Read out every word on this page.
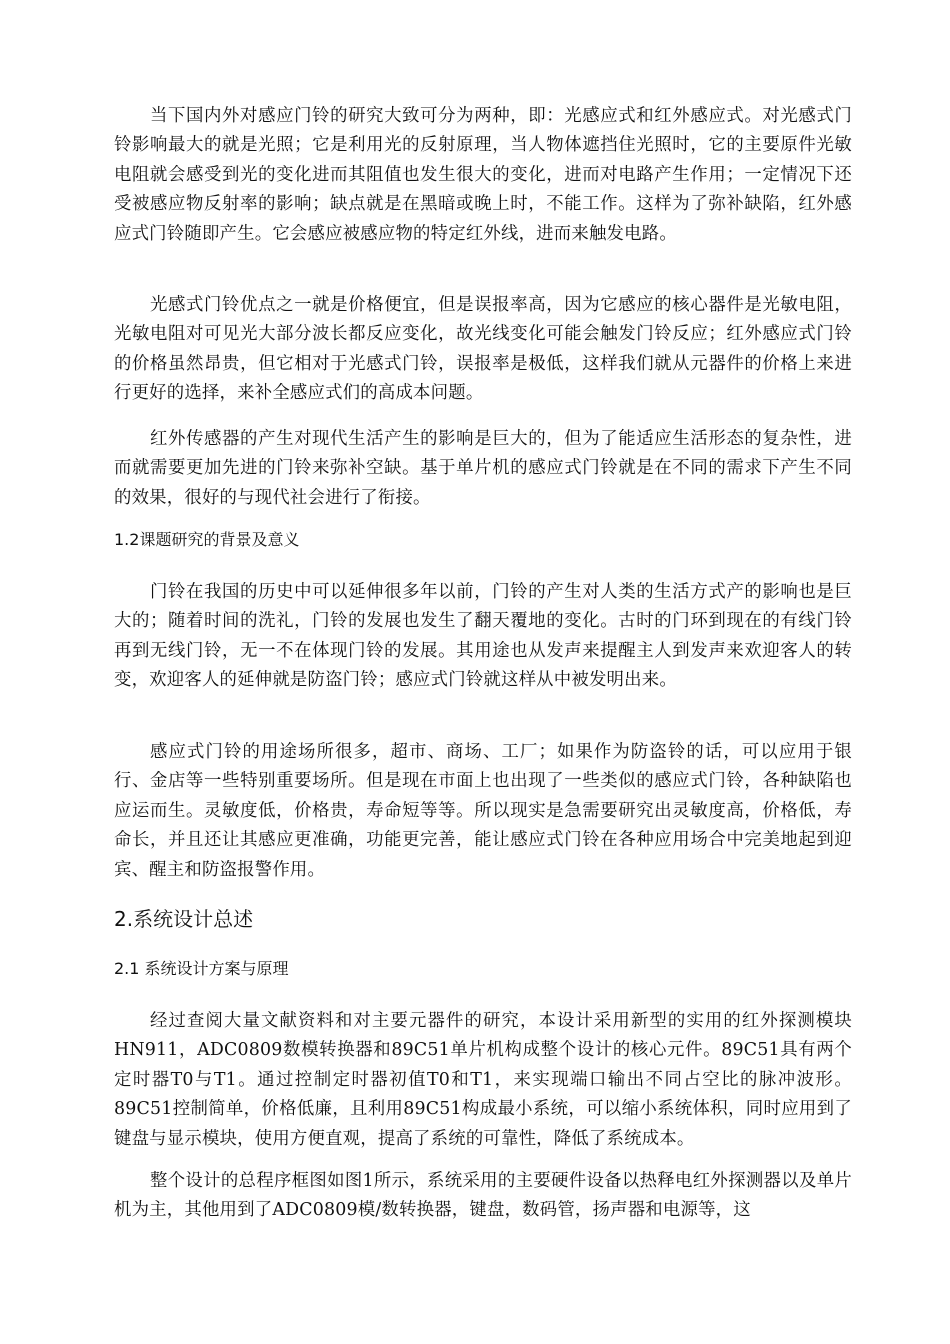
当下国内外对感应门铃的研究大致可分为两种，即：光感应式和红外感应式。对光感式门铃影响最大的就是光照；它是利用光的反射原理，当人物体遮挡住光照时，它的主要原件光敏电阻就会感受到光的变化进而其阻值也发生很大的变化，进而对电路产生作用；一定情况下还受被感应物反射率的影响；缺点就是在黑暗或晚上时，不能工作。这样为了弥补缺陷，红外感应式门铃随即产生。它会感应被感应物的特定红外线，进而来触发电路。

光感式门铃优点之一就是价格便宜，但是误报率高，因为它感应的核心器件是光敏电阻，光敏电阻对可见光大部分波长都反应变化，故光线变化可能会触发门铃反应；红外感应式门铃的价格虽然昂贵，但它相对于光感式门铃，误报率是极低，这样我们就从元器件的价格上来进行更好的选择，来补全感应式们的高成本问题。

红外传感器的产生对现代生活产生的影响是巨大的，但为了能适应生活形态的复杂性，进而就需要更加先进的门铃来弥补空缺。基于单片机的感应式门铃就是在不同的需求下产生不同的效果，很好的与现代社会进行了衔接。

1.2课题研究的背景及意义

门铃在我国的历史中可以延伸很多年以前，门铃的产生对人类的生活方式产的影响也是巨大的；随着时间的洗礼，门铃的发展也发生了翻天覆地的变化。古时的门环到现在的有线门铃再到无线门铃，无一不在体现门铃的发展。其用途也从发声来提醒主人到发声来欢迎客人的转变，欢迎客人的延伸就是防盗门铃；感应式门铃就这样从中被发明出来。

感应式门铃的用途场所很多，超市、商场、工厂；如果作为防盗铃的话，可以应用于银行、金店等一些特别重要场所。但是现在市面上也出现了一些类似的感应式门铃，各种缺陷也应运而生。灵敏度低，价格贵，寿命短等等。所以现实是急需要研究出灵敏度高，价格低，寿命长，并且还让其感应更准确，功能更完善，能让感应式门铃在各种应用场合中完美地起到迎宾、醒主和防盗报警作用。

2.系统设计总述
2.1 系统设计方案与原理

经过查阅大量文献资料和对主要元器件的研究，本设计采用新型的实用的红外探测模块HN911，ADC0809数模转换器和89C51单片机构成整个设计的核心元件。89C51具有两个定时器T0与T1。通过控制定时器初值T0和T1，来实现端口输出不同占空比的脉冲波形。89C51控制简单，价格低廉，且利用89C51构成最小系统，可以缩小系统体积，同时应用到了键盘与显示模块，使用方便直观，提高了系统的可靠性，降低了系统成本。

整个设计的总程序框图如图1所示，系统采用的主要硬件设备以热释电红外探测器以及单片机为主，其他用到了ADC0809模/数转换器，键盘，数码管，扬声器和电源等，这
